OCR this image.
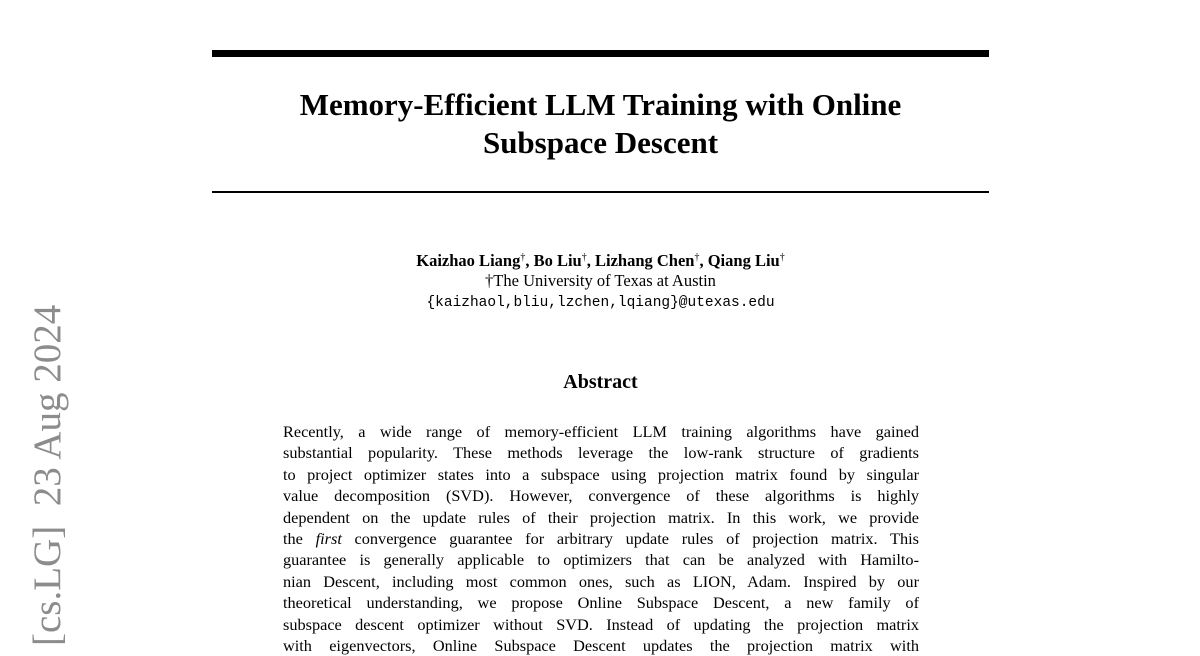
Memory-Efficient LLM Training with Online
Subspace Descent
Kaizhao Liang†, Bo Liu†, Lizhang Chen†, Qiang Liu†
†The University of Texas at Austin
{kaizhaol,bliu,lzchen,lqiang}@utexas.edu
Abstract
Recently, a wide range of memory-efficient LLM training algorithms have gained
substantial popularity. These methods leverage the low-rank structure of gradients
to project optimizer states into a subspace using projection matrix found by singular
value decomposition (SVD). However, convergence of these algorithms is highly
dependent on the update rules of their projection matrix. In this work, we provide
the first convergence guarantee for arbitrary update rules of projection matrix. This
guarantee is generally applicable to optimizers that can be analyzed with Hamilto-
nian Descent, including most common ones, such as LION, Adam. Inspired by our
theoretical understanding, we propose Online Subspace Descent, a new family of
subspace descent optimizer without SVD. Instead of updating the projection matrix
with eigenvectors, Online Subspace Descent updates the projection matrix with
[cs.LG]  23 Aug 2024
